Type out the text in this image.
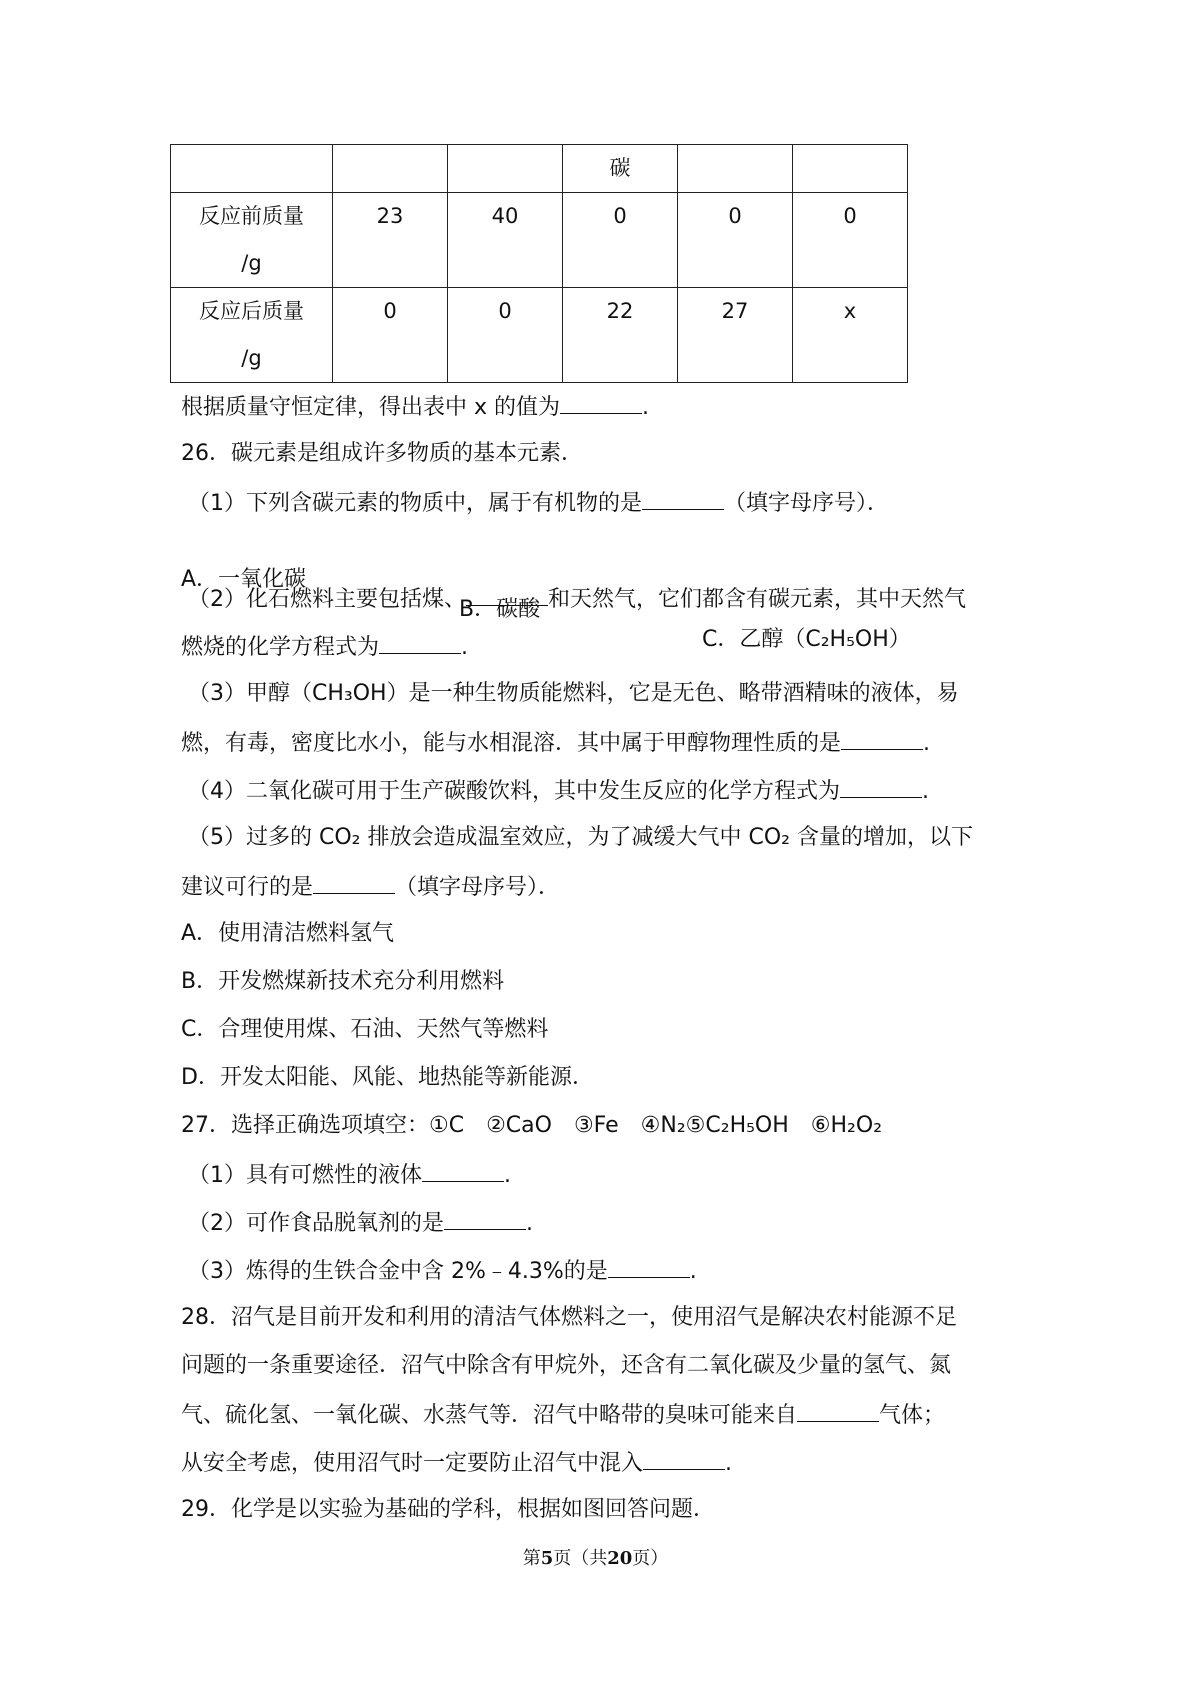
			碳		

反应前质量
/g	23	40	0	0	0

反应后质量
/g	0	0	22	27	x
根据质量守恒定律，得出表中 x 的值为	.
26．碳元素是组成许多物质的基本元素．
（1）下列含碳元素的物质中，属于有机物的是	（填字母序号）．

A．一氧化碳

B．碳酸

C．乙醇（C₂H₅OH）

（2）化石燃料主要包括煤、	和天然气，它们都含有碳元素，其中天然气
燃烧的化学方程式为	.
（3）甲醇（CH₃OH）是一种生物质能燃料，它是无色、略带酒精味的液体，易
燃，有毒，密度比水小，能与水相混溶．其中属于甲醇物理性质的是	.
（4）二氧化碳可用于生产碳酸饮料，其中发生反应的化学方程式为	.
（5）过多的 CO₂ 排放会造成温室效应，为了减缓大气中 CO₂ 含量的增加，以下
建议可行的是	（填字母序号）．
A．使用清洁燃料氢气
B．开发燃煤新技术充分利用燃料
C．合理使用煤、石油、天然气等燃料
D．开发太阳能、风能、地热能等新能源．
27．选择正确选项填空：①C　②CaO　③Fe　④N₂⑤C₂H₅OH　⑥H₂O₂
（1）具有可燃性的液体	.
（2）可作食品脱氧剂的是	.
（3）炼得的生铁合金中含 2%﹣4.3%的是	.
28．沼气是目前开发和利用的清洁气体燃料之一，使用沼气是解决农村能源不足
问题的一条重要途径．沼气中除含有甲烷外，还含有二氧化碳及少量的氢气、氮
气、硫化氢、一氧化碳、水蒸气等．沼气中略带的臭味可能来自	气体；
从安全考虑，使用沼气时一定要防止沼气中混入	.
29．化学是以实验为基础的学科，根据如图回答问题．
第5页（共20页）
